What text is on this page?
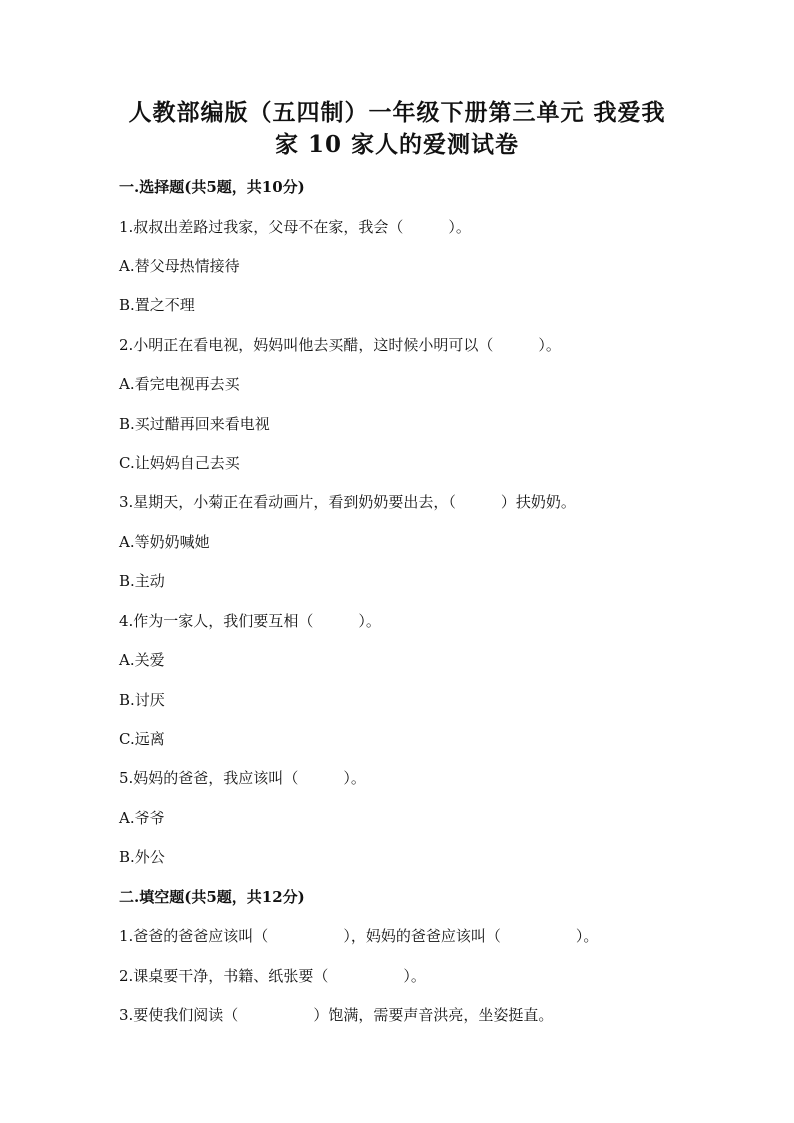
人教部编版（五四制）一年级下册第三单元 我爱我
家 10 家人的爱测试卷
一.选择题(共5题，共10分)
1.叔叔出差路过我家，父母不在家，我会（　　　）。
A.替父母热情接待
B.置之不理
2.小明正在看电视，妈妈叫他去买醋，这时候小明可以（　　　）。
A.看完电视再去买
B.买过醋再回来看电视
C.让妈妈自己去买
3.星期天，小菊正在看动画片，看到奶奶要出去，（　　　）扶奶奶。
A.等奶奶喊她
B.主动
4.作为一家人，我们要互相（　　　）。
A.关爱
B.讨厌
C.远离
5.妈妈的爸爸，我应该叫（　　　）。
A.爷爷
B.外公
二.填空题(共5题，共12分)
1.爸爸的爸爸应该叫（　　　　　），妈妈的爸爸应该叫（　　　　　）。
2.课桌要干净，书籍、纸张要（　　　　　）。
3.要使我们阅读（　　　　　）饱满，需要声音洪亮，坐姿挺直。
